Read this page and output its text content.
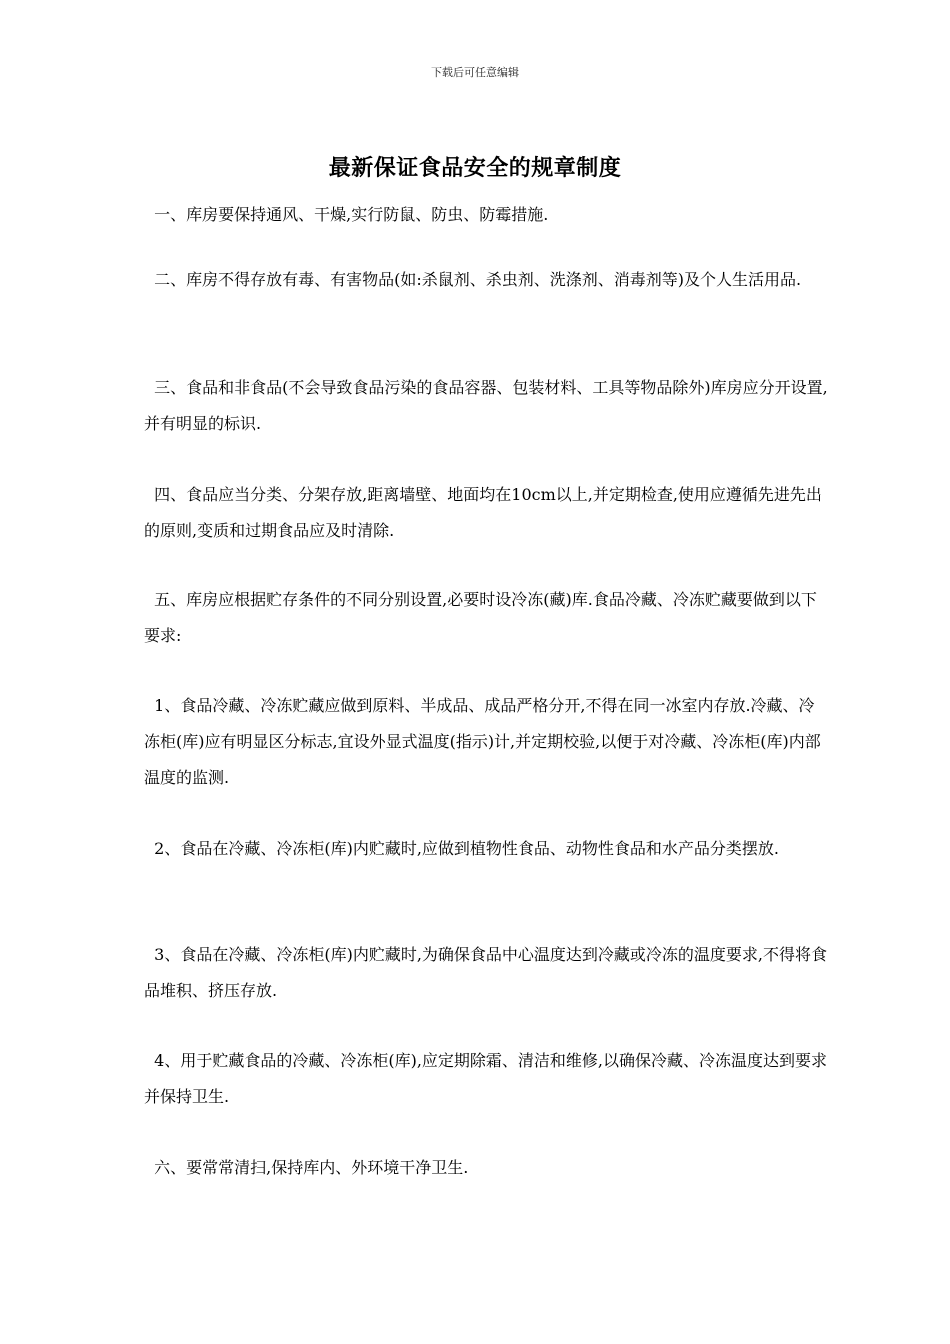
下载后可任意编辑
最新保证食品安全的规章制度
一、库房要保持通风、干燥,实行防鼠、防虫、防霉措施.
二、库房不得存放有毒、有害物品(如:杀鼠剂、杀虫剂、洗涤剂、消毒剂等)及个人生活用品.
三、食品和非食品(不会导致食品污染的食品容器、包装材料、工具等物品除外)库房应分开设置,并有明显的标识.
四、食品应当分类、分架存放,距离墙壁、地面均在10cm以上,并定期检查,使用应遵循先进先出的原则,变质和过期食品应及时清除.
五、库房应根据贮存条件的不同分别设置,必要时设冷冻(藏)库.食品冷藏、冷冻贮藏要做到以下要求:
1、食品冷藏、冷冻贮藏应做到原料、半成品、成品严格分开,不得在同一冰室内存放.冷藏、冷冻柜(库)应有明显区分标志,宜设外显式温度(指示)计,并定期校验,以便于对冷藏、冷冻柜(库)内部温度的监测.
2、食品在冷藏、冷冻柜(库)内贮藏时,应做到植物性食品、动物性食品和水产品分类摆放.
3、食品在冷藏、冷冻柜(库)内贮藏时,为确保食品中心温度达到冷藏或冷冻的温度要求,不得将食品堆积、挤压存放.
4、用于贮藏食品的冷藏、冷冻柜(库),应定期除霜、清洁和维修,以确保冷藏、冷冻温度达到要求并保持卫生.
六、要常常清扫,保持库内、外环境干净卫生.
